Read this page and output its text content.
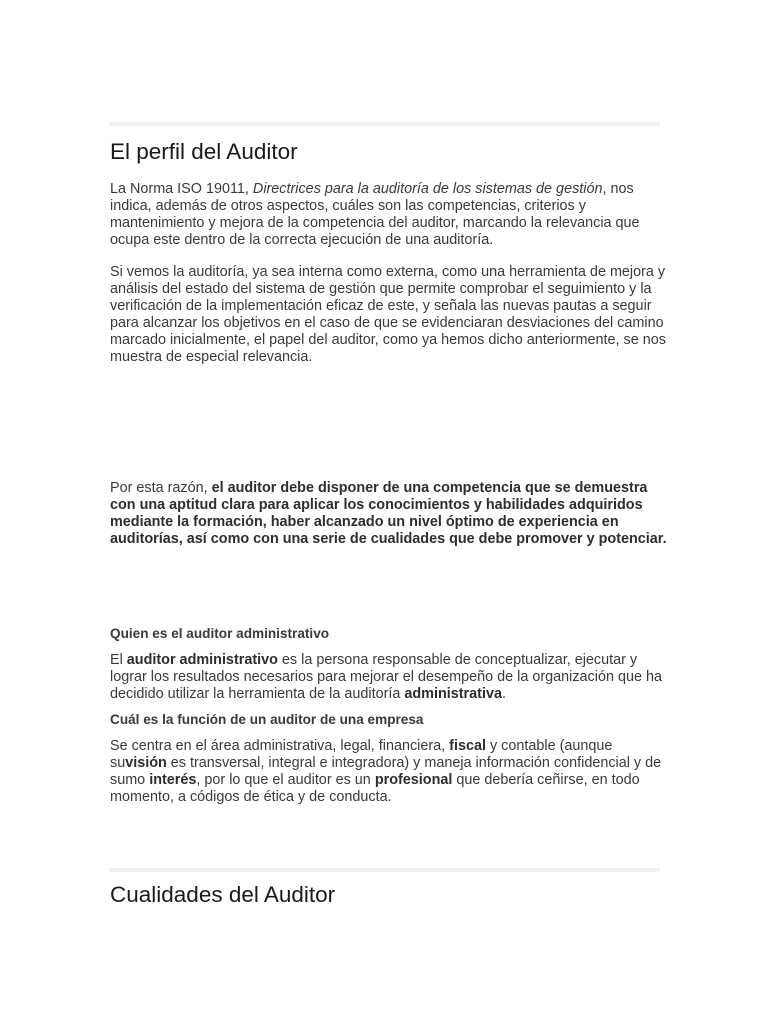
El perfil del Auditor

La Norma ISO 19011, Directrices para la auditoría de los sistemas de gestión, nos indica, además de otros aspectos, cuáles son las competencias, criterios y mantenimiento y mejora de la competencia del auditor, marcando la relevancia que ocupa este dentro de la correcta ejecución de una auditoría.

Si vemos la auditoría, ya sea interna como externa, como una herramienta de mejora y análisis del estado del sistema de gestión que permite comprobar el seguimiento y la verificación de la implementación eficaz de este, y señala las nuevas pautas a seguir para alcanzar los objetivos en el caso de que se evidenciaran desviaciones del camino marcado inicialmente, el papel del auditor, como ya hemos dicho anteriormente, se nos muestra de especial relevancia.

Por esta razón, el auditor debe disponer de una competencia que se demuestra con una aptitud clara para aplicar los conocimientos y habilidades adquiridos mediante la formación, haber alcanzado un nivel óptimo de experiencia en auditorías, así como con una serie de cualidades que debe promover y potenciar.

Quien es el auditor administrativo

El auditor administrativo es la persona responsable de conceptualizar, ejecutar y lograr los resultados necesarios para mejorar el desempeño de la organización que ha decidido utilizar la herramienta de la auditoría administrativa.

Cuál es la función de un auditor de una empresa

Se centra en el área administrativa, legal, financiera, fiscal y contable (aunque suvisión es transversal, integral e integradora) y maneja información confidencial y de sumo interés, por lo que el auditor es un profesional que debería ceñirse, en todo momento, a códigos de ética y de conducta.

Cualidades del Auditor
